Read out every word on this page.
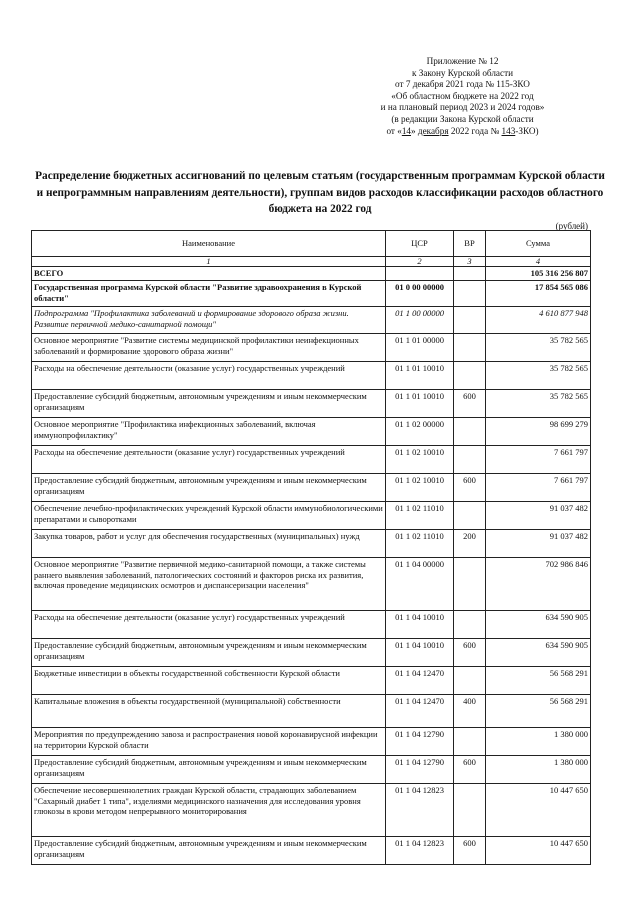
Приложение № 12
к Закону Курской области
от 7 декабря 2021 года № 115-ЗКО
«Об областном бюджете на 2022 год
и на плановый период 2023 и 2024 годов»
(в редакции Закона Курской области
от «14» декабря 2022 года № 143-ЗКО)
Распределение бюджетных ассигнований по целевым статьям (государственным программам Курской области и непрограммным направлениям деятельности), группам видов расходов классификации расходов областного бюджета на 2022 год
(рублей)
Наименование	ЦСР	ВР	Сумма
1	2	3	4
ВСЕГО			105 316 256 807
Государственная программа Курской области "Развитие здравоохранения в Курской области"	01 0 00 00000		17 854 565 086
Подпрограмма "Профилактика заболеваний и формирование здорового образа жизни. Развитие первичной медико-санитарной помощи"	01 1 00 00000		4 610 877 948
Основное мероприятие "Развитие системы медицинской профилактики неинфекционных заболеваний и формирование здорового образа жизни"	01 1 01 00000		35 782 565
Расходы на обеспечение деятельности (оказание услуг) государственных учреждений	01 1 01 10010		35 782 565
Предоставление субсидий бюджетным, автономным учреждениям и иным некоммерческим организациям	01 1 01 10010	600	35 782 565
Основное мероприятие "Профилактика инфекционных заболеваний, включая иммунопрофилактику"	01 1 02 00000		98 699 279
Расходы на обеспечение деятельности (оказание услуг) государственных учреждений	01 1 02 10010		7 661 797
Предоставление субсидий бюджетным, автономным учреждениям и иным некоммерческим организациям	01 1 02 10010	600	7 661 797
Обеспечение лечебно-профилактических учреждений Курской области иммунобиологическими препаратами и сыворотками	01 1 02 11010		91 037 482
Закупка товаров, работ и услуг для обеспечения государственных (муниципальных) нужд	01 1 02 11010	200	91 037 482
Основное мероприятие "Развитие первичной медико-санитарной помощи, а также системы раннего выявления заболеваний, патологических состояний и факторов риска их развития, включая проведение медицинских осмотров и диспансеризации населения"	01 1 04 00000		702 986 846
Расходы на обеспечение деятельности (оказание услуг) государственных учреждений	01 1 04 10010		634 590 905
Предоставление субсидий бюджетным, автономным учреждениям и иным некоммерческим организациям	01 1 04 10010	600	634 590 905
Бюджетные инвестиции в объекты государственной собственности Курской области	01 1 04 12470		56 568 291
Капитальные вложения в объекты государственной (муниципальной) собственности	01 1 04 12470	400	56 568 291
Мероприятия по предупреждению завоза и распространения новой коронавирусной инфекции на территории Курской области	01 1 04 12790		1 380 000
Предоставление субсидий бюджетным, автономным учреждениям и иным некоммерческим организациям	01 1 04 12790	600	1 380 000
Обеспечение несовершеннолетних граждан Курской области, страдающих заболеванием "Сахарный диабет 1 типа", изделиями медицинского назначения для исследования уровня глюкозы в крови методом непрерывного мониторирования	01 1 04 12823		10 447 650
Предоставление субсидий бюджетным, автономным учреждениям и иным некоммерческим организациям	01 1 04 12823	600	10 447 650
